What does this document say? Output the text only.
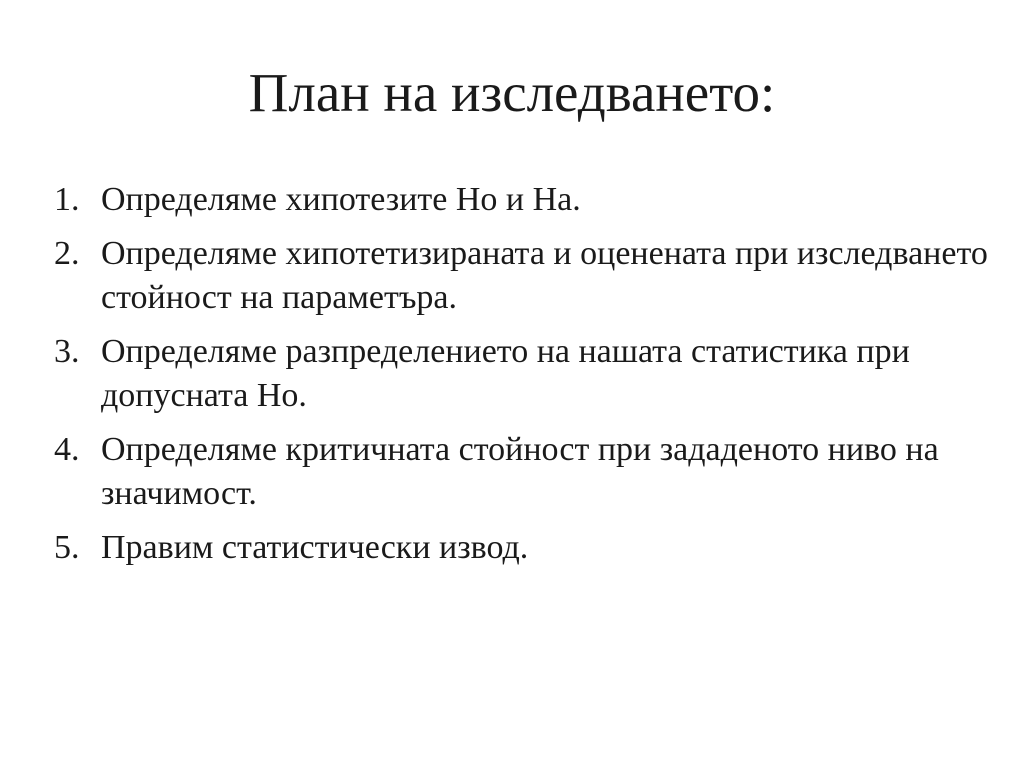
План на изследването:
1. Определяме хипотезите Ho и Ha.
2. Определяме хипотетизираната и оценената при изследването стойност на параметъра.
3. Определяме разпределението на нашата статистика при допусната Ho.
4. Определяме критичната стойност при зададеното ниво на значимост.
5. Правим статистически извод.
